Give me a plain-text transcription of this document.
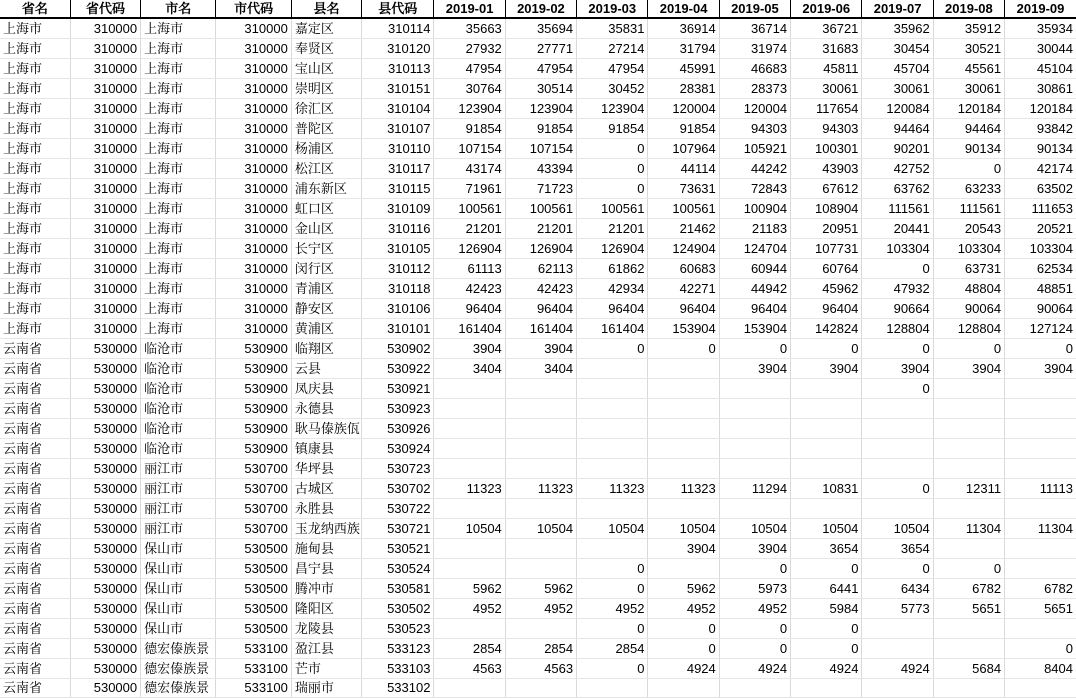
省名	省代码	市名	市代码	县名	县代码	2019-01	2019-02	2019-03	2019-04	2019-05	2019-06	2019-07	2019-08	2019-09
上海市	310000	上海市	310000	嘉定区	310114	35663	35694	35831	36914	36714	36721	35962	35912	35934
上海市	310000	上海市	310000	奉贤区	310120	27932	27771	27214	31794	31974	31683	30454	30521	30044
上海市	310000	上海市	310000	宝山区	310113	47954	47954	47954	45991	46683	45811	45704	45561	45104
上海市	310000	上海市	310000	崇明区	310151	30764	30514	30452	28381	28373	30061	30061	30061	30861
上海市	310000	上海市	310000	徐汇区	310104	123904	123904	123904	120004	120004	117654	120084	120184	120184
上海市	310000	上海市	310000	普陀区	310107	91854	91854	91854	91854	94303	94303	94464	94464	93842
上海市	310000	上海市	310000	杨浦区	310110	107154	107154	0	107964	105921	100301	90201	90134	90134
上海市	310000	上海市	310000	松江区	310117	43174	43394	0	44114	44242	43903	42752	0	42174
上海市	310000	上海市	310000	浦东新区	310115	71961	71723	0	73631	72843	67612	63762	63233	63502
上海市	310000	上海市	310000	虹口区	310109	100561	100561	100561	100561	100904	108904	111561	111561	111653
上海市	310000	上海市	310000	金山区	310116	21201	21201	21201	21462	21183	20951	20441	20543	20521
上海市	310000	上海市	310000	长宁区	310105	126904	126904	126904	124904	124704	107731	103304	103304	103304
上海市	310000	上海市	310000	闵行区	310112	61113	62113	61862	60683	60944	60764	0	63731	62534
上海市	310000	上海市	310000	青浦区	310118	42423	42423	42934	42271	44942	45962	47932	48804	48851
上海市	310000	上海市	310000	静安区	310106	96404	96404	96404	96404	96404	96404	90664	90064	90064
上海市	310000	上海市	310000	黄浦区	310101	161404	161404	161404	153904	153904	142824	128804	128804	127124
云南省	530000	临沧市	530900	临翔区	530902	3904	3904	0	0	0	0	0	0	0
云南省	530000	临沧市	530900	云县	530922	3404	3404			3904	3904	3904	3904	3904
云南省	530000	临沧市	530900	凤庆县	530921							0		
云南省	530000	临沧市	530900	永德县	530923									
云南省	530000	临沧市	530900	耿马傣族佤	530926									
云南省	530000	临沧市	530900	镇康县	530924									
云南省	530000	丽江市	530700	华坪县	530723									
云南省	530000	丽江市	530700	古城区	530702	11323	11323	11323	11323	11294	10831	0	12311	11113
云南省	530000	丽江市	530700	永胜县	530722									
云南省	530000	丽江市	530700	玉龙纳西族	530721	10504	10504	10504	10504	10504	10504	10504	11304	11304
云南省	530000	保山市	530500	施甸县	530521				3904	3904	3654	3654		
云南省	530000	保山市	530500	昌宁县	530524			0		0	0	0	0	
云南省	530000	保山市	530500	腾冲市	530581	5962	5962	0	5962	5973	6441	6434	6782	6782
云南省	530000	保山市	530500	隆阳区	530502	4952	4952	4952	4952	4952	5984	5773	5651	5651
云南省	530000	保山市	530500	龙陵县	530523			0	0	0	0			
云南省	530000	德宏傣族景	533100	盈江县	533123	2854	2854	2854	0	0	0			0
云南省	530000	德宏傣族景	533100	芒市	533103	4563	4563	0	4924	4924	4924	4924	5684	8404
云南省	530000	德宏傣族景	533100	瑞丽市	533102									
